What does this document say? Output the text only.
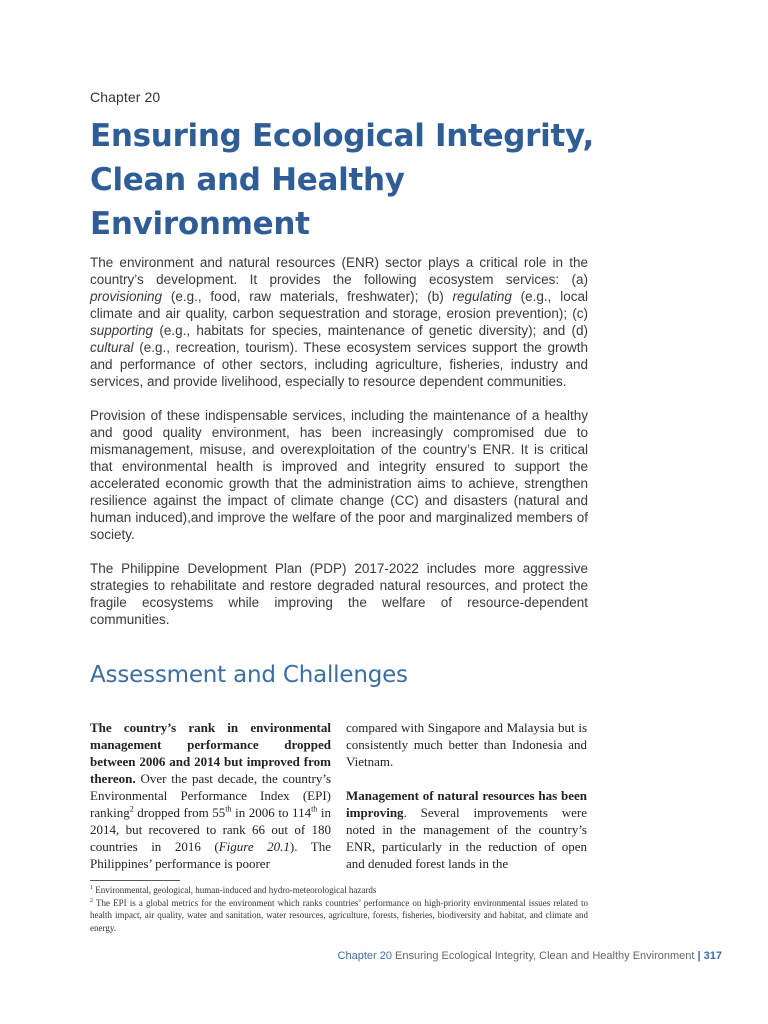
Chapter 20
Ensuring Ecological Integrity, Clean and Healthy Environment

The environment and natural resources (ENR) sector plays a critical role in the country’s development. It provides the following ecosystem services: (a) provisioning (e.g., food, raw materials, freshwater); (b) regulating (e.g., local climate and air quality, carbon sequestration and storage, erosion prevention); (c) supporting (e.g., habitats for species, maintenance of genetic diversity); and (d) cultural (e.g., recreation, tourism). These ecosystem services support the growth and performance of other sectors, including agriculture, fisheries, industry and services, and provide livelihood, especially to resource dependent communities.

Provision of these indispensable services, including the maintenance of a healthy and good quality environment, has been increasingly compromised due to mismanagement, misuse, and overexploitation of the country’s ENR. It is critical that environmental health is improved and integrity ensured to support the accelerated economic growth that the administration aims to achieve, strengthen resilience against the impact of climate change (CC) and disasters (natural and human induced),and improve the welfare of the poor and marginalized members of society.

The Philippine Development Plan (PDP) 2017-2022 includes more aggressive strategies to rehabilitate and restore degraded natural resources, and protect the fragile ecosystems while improving the welfare of resource-dependent communities.

Assessment and Challenges

The country’s rank in environmental management performance dropped between 2006 and 2014 but improved from thereon. Over the past decade, the country’s Environmental Performance Index (EPI) ranking$^2$ dropped from 55th in 2006 to 114th in 2014, but recovered to rank 66 out of 180 countries in 2016 (Figure 20.1). The Philippines’ performance is poorer

compared with Singapore and Malaysia but is consistently much better than Indonesia and Vietnam.

Management of natural resources has been improving. Several improvements were noted in the management of the country’s ENR, particularly in the reduction of open and denuded forest lands in the

$^1$ Environmental, geological, human-induced and hydro-meteorological hazards

$^2$ The EPI is a global metrics for the environment which ranks countries’ performance on high-priority environmental issues related to health impact, air quality, water and sanitation, water resources, agriculture, forests, fisheries, biodiversity and habitat, and climate and energy.

Chapter 20 Ensuring Ecological Integrity, Clean and Healthy Environment | 317
